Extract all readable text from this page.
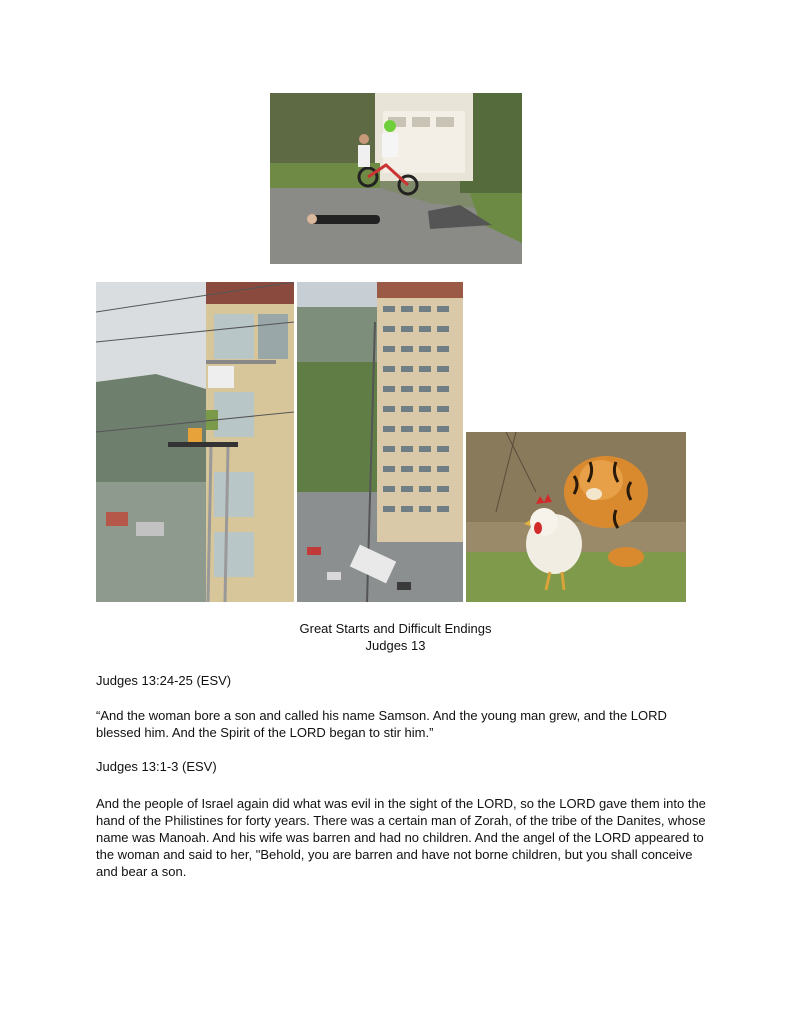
Great Starts and Difficult Endings
Judges 13
Judges 13:24-25 (ESV)
“And the woman bore a son and called his name Samson. And the young man grew, and the LORD blessed him. And the Spirit of the LORD began to stir him.”
Judges 13:1-3 (ESV)
And the people of Israel again did what was evil in the sight of the LORD, so the LORD gave them into the hand of the Philistines for forty years. There was a certain man of Zorah, of the tribe of the Danites, whose name was Manoah. And his wife was barren and had no children. And the angel of the LORD appeared to the woman and said to her, "Behold, you are barren and have not borne children, but you shall conceive and bear a son.
